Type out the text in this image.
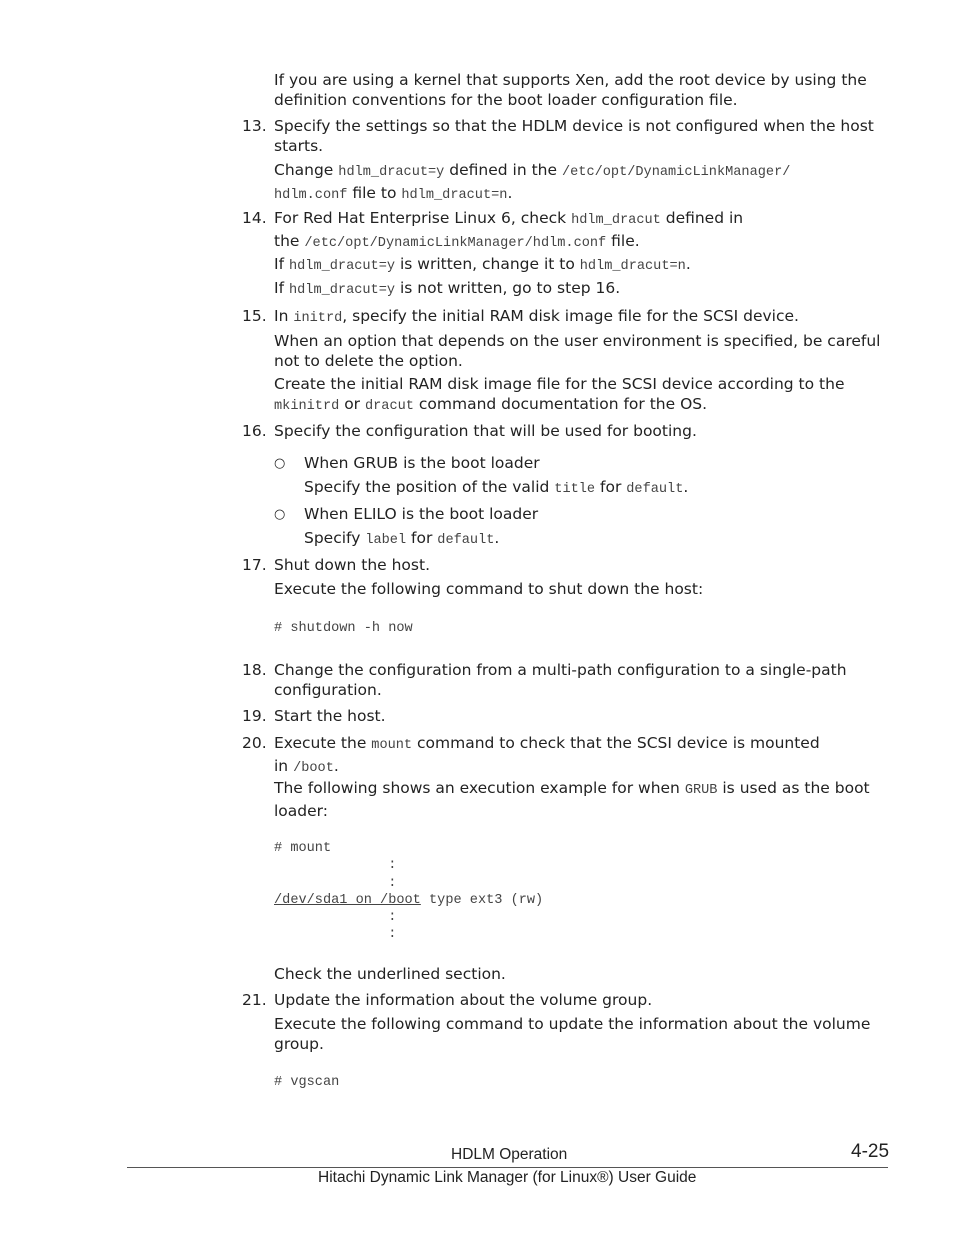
If you are using a kernel that supports Xen, add the root device by using the definition conventions for the boot loader configuration file.

13. Specify the settings so that the HDLM device is not configured when the host starts.

Change hdlm_dracut=y defined in the /etc/opt/DynamicLinkManager/
hdlm.conf file to hdlm_dracut=n.

14. For Red Hat Enterprise Linux 6, check hdlm_dracut defined in
the /etc/opt/DynamicLinkManager/hdlm.conf file.

If hdlm_dracut=y is written, change it to hdlm_dracut=n.

If hdlm_dracut=y is not written, go to step 16.

15. In initrd, specify the initial RAM disk image file for the SCSI device.

When an option that depends on the user environment is specified, be careful not to delete the option.

Create the initial RAM disk image file for the SCSI device according to the mkinitrd or dracut command documentation for the OS.

16. Specify the configuration that will be used for booting.

○ When GRUB is the boot loader
Specify the position of the valid title for default.
○ When ELILO is the boot loader
Specify label for default.
17. Shut down the host.

Execute the following command to shut down the host:

# shutdown -h now
18. Change the configuration from a multi-path configuration to a single-path configuration.

19. Start the host.

20. Execute the mount command to check that the SCSI device is mounted
in /boot.

The following shows an execution example for when GRUB is used as the boot loader:

# mount
:
:
/dev/sda1 on /boot type ext3 (rw)
:
:

Check the underlined section.

21. Update the information about the volume group.

Execute the following command to update the information about the volume group.

# vgscan
HDLM Operation	4-25
Hitachi Dynamic Link Manager (for Linux®) User Guide
